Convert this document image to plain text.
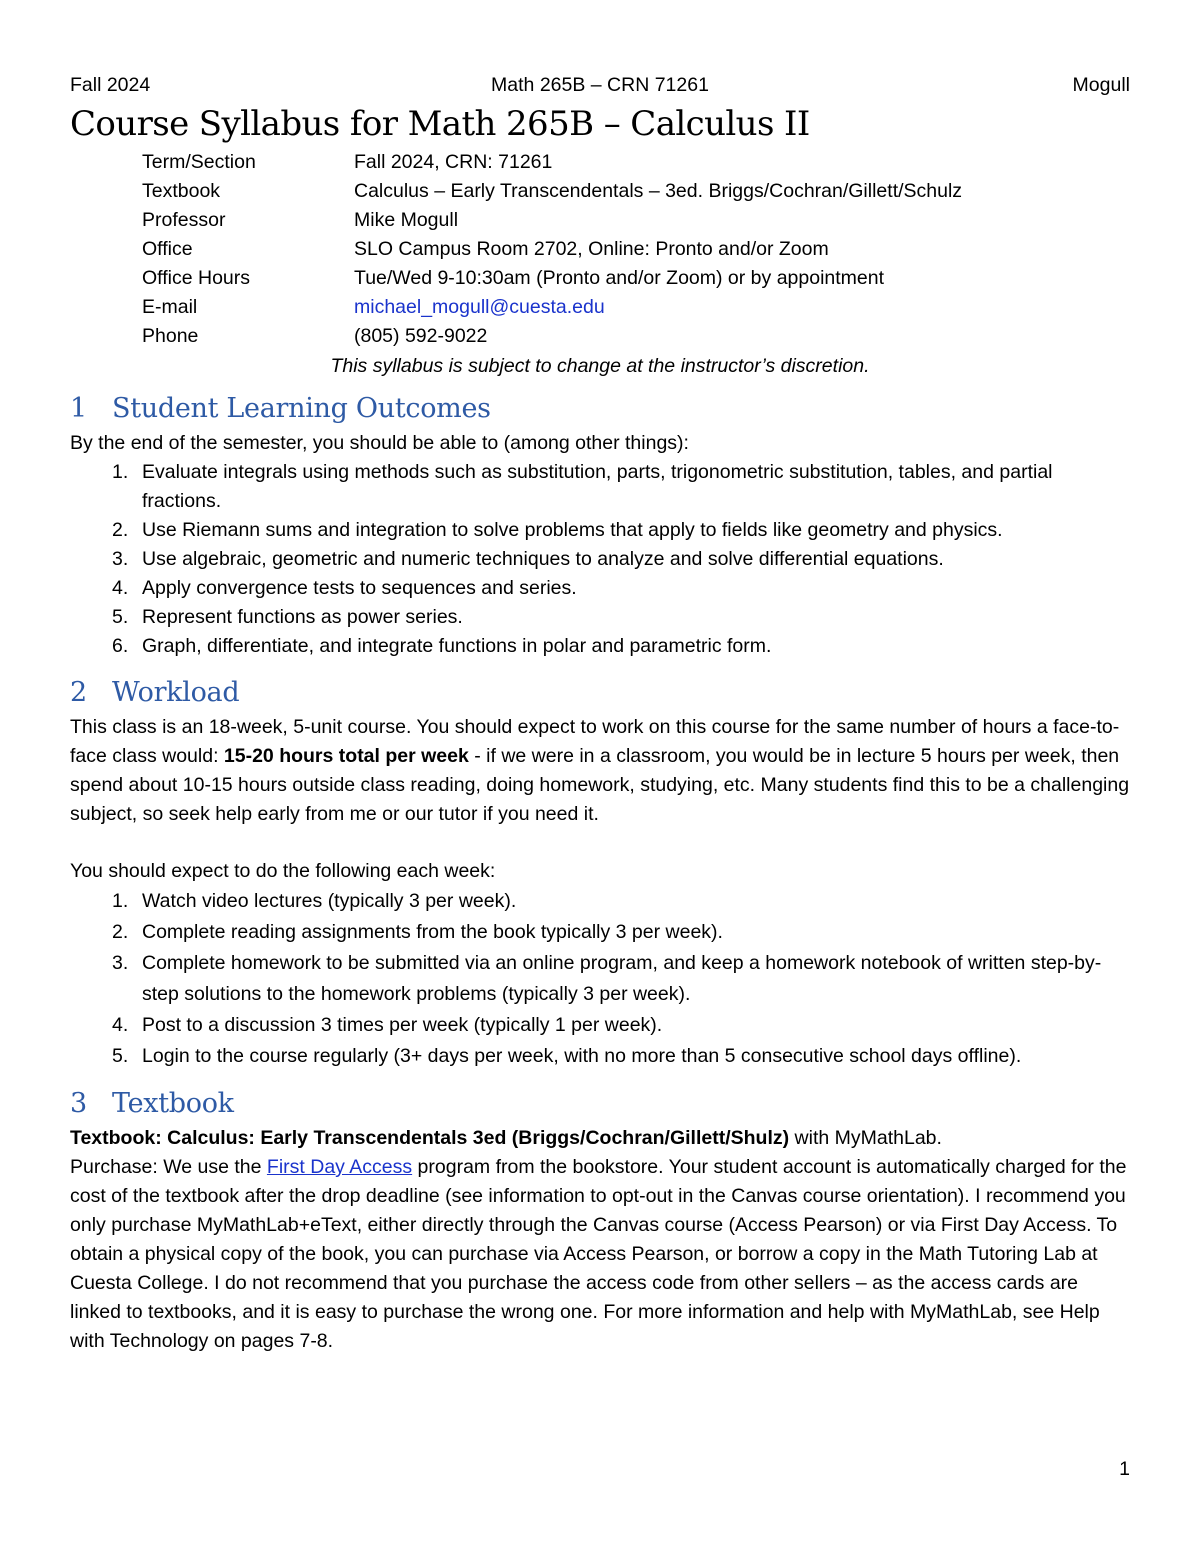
Fall 2024	Math 265B – CRN 71261	Mogull
Course Syllabus for Math 265B – Calculus II
Term/Section	Fall 2024, CRN: 71261
Textbook	Calculus – Early Transcendentals – 3ed. Briggs/Cochran/Gillett/Schulz
Professor	Mike Mogull
Office	SLO Campus Room 2702, Online: Pronto and/or Zoom
Office Hours	Tue/Wed 9-10:30am (Pronto and/or Zoom) or by appointment
E-mail	michael_mogull@cuesta.edu
Phone	(805) 592-9022
This syllabus is subject to change at the instructor’s discretion.
1 Student Learning Outcomes

By the end of the semester, you should be able to (among other things):

1. Evaluate integrals using methods such as substitution, parts, trigonometric substitution, tables, and partial fractions.
2. Use Riemann sums and integration to solve problems that apply to fields like geometry and physics.
3. Use algebraic, geometric and numeric techniques to analyze and solve differential equations.
4. Apply convergence tests to sequences and series.
5. Represent functions as power series.
6. Graph, differentiate, and integrate functions in polar and parametric form.
2 Workload

This class is an 18-week, 5-unit course. You should expect to work on this course for the same number of hours a face-to-face class would: 15-20 hours total per week - if we were in a classroom, you would be in lecture 5 hours per week, then spend about 10-15 hours outside class reading, doing homework, studying, etc. Many students find this to be a challenging subject, so seek help early from me or our tutor if you need it.

You should expect to do the following each week:

1. Watch video lectures (typically 3 per week).
2. Complete reading assignments from the book typically 3 per week).
3. Complete homework to be submitted via an online program, and keep a homework notebook of written step-by-step solutions to the homework problems (typically 3 per week).
4. Post to a discussion 3 times per week (typically 1 per week).
5. Login to the course regularly (3+ days per week, with no more than 5 consecutive school days offline).
3 Textbook

Textbook: Calculus: Early Transcendentals 3ed (Briggs/Cochran/Gillett/Shulz) with MyMathLab.

Purchase: We use the First Day Access program from the bookstore. Your student account is automatically charged for the cost of the textbook after the drop deadline (see information to opt-out in the Canvas course orientation). I recommend you only purchase MyMathLab+eText, either directly through the Canvas course (Access Pearson) or via First Day Access. To obtain a physical copy of the book, you can purchase via Access Pearson, or borrow a copy in the Math Tutoring Lab at Cuesta College. I do not recommend that you purchase the access code from other sellers – as the access cards are linked to textbooks, and it is easy to purchase the wrong one. For more information and help with MyMathLab, see Help with Technology on pages 7-8.

1
